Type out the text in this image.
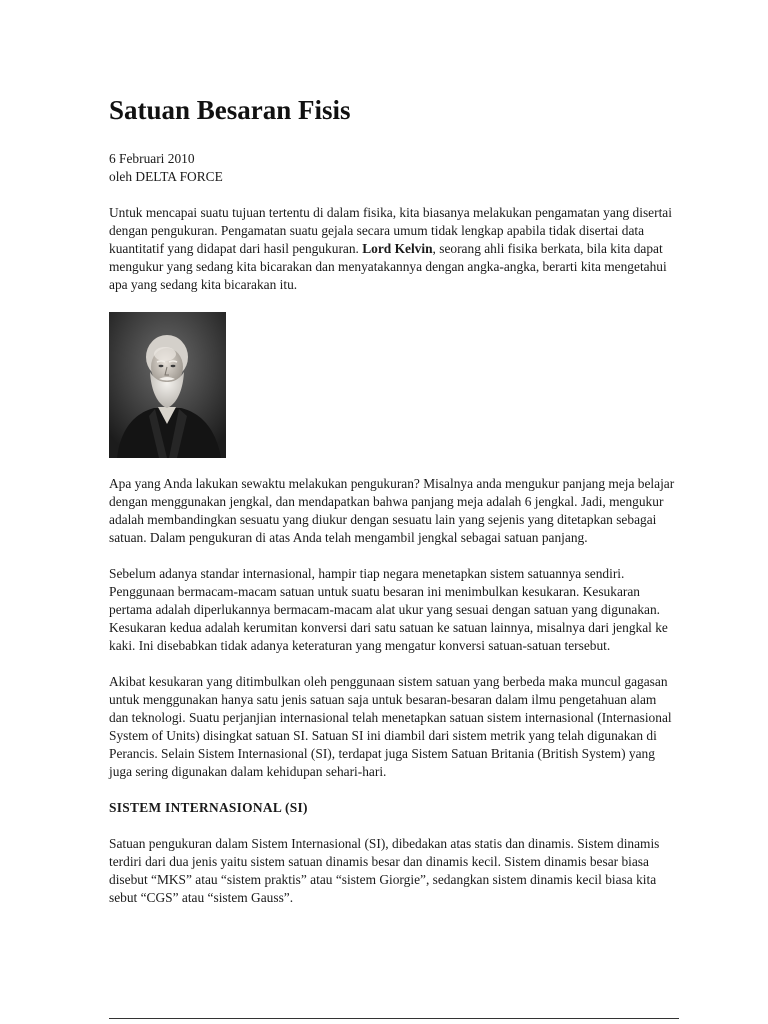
Satuan Besaran Fisis
6 Februari 2010
oleh DELTA FORCE

Untuk mencapai suatu tujuan tertentu di dalam fisika, kita biasanya melakukan pengamatan yang disertai dengan pengukuran. Pengamatan suatu gejala secara umum tidak lengkap apabila tidak disertai data kuantitatif yang didapat dari hasil pengukuran. Lord Kelvin, seorang ahli fisika berkata, bila kita dapat mengukur yang sedang kita bicarakan dan menyatakannya dengan angka-angka, berarti kita mengetahui apa yang sedang kita bicarakan itu.

Apa yang Anda lakukan sewaktu melakukan pengukuran? Misalnya anda mengukur panjang meja belajar dengan menggunakan jengkal, dan mendapatkan bahwa panjang meja adalah 6 jengkal. Jadi, mengukur adalah membandingkan sesuatu yang diukur dengan sesuatu lain yang sejenis yang ditetapkan sebagai satuan. Dalam pengukuran di atas Anda telah mengambil jengkal sebagai satuan panjang.

Sebelum adanya standar internasional, hampir tiap negara menetapkan sistem satuannya sendiri. Penggunaan bermacam-macam satuan untuk suatu besaran ini menimbulkan kesukaran. Kesukaran pertama adalah diperlukannya bermacam-macam alat ukur yang sesuai dengan satuan yang digunakan. Kesukaran kedua adalah kerumitan konversi dari satu satuan ke satuan lainnya, misalnya dari jengkal ke kaki. Ini disebabkan tidak adanya keteraturan yang mengatur konversi satuan-satuan tersebut.

Akibat kesukaran yang ditimbulkan oleh penggunaan sistem satuan yang berbeda maka muncul gagasan untuk menggunakan hanya satu jenis satuan saja untuk besaran-besaran dalam ilmu pengetahuan alam dan teknologi. Suatu perjanjian internasional telah menetapkan satuan sistem internasional (Internasional System of Units) disingkat satuan SI. Satuan SI ini diambil dari sistem metrik yang telah digunakan di Perancis. Selain Sistem Internasional (SI), terdapat juga Sistem Satuan Britania (British System) yang juga sering digunakan dalam kehidupan sehari-hari.

SISTEM INTERNASIONAL (SI)

Satuan pengukuran dalam Sistem Internasional (SI), dibedakan atas statis dan dinamis. Sistem dinamis terdiri dari dua jenis yaitu sistem satuan dinamis besar dan dinamis kecil. Sistem dinamis besar biasa disebut “MKS” atau “sistem praktis” atau “sistem Giorgie”, sedangkan sistem dinamis kecil biasa kita sebut “CGS” atau “sistem Gauss”.
